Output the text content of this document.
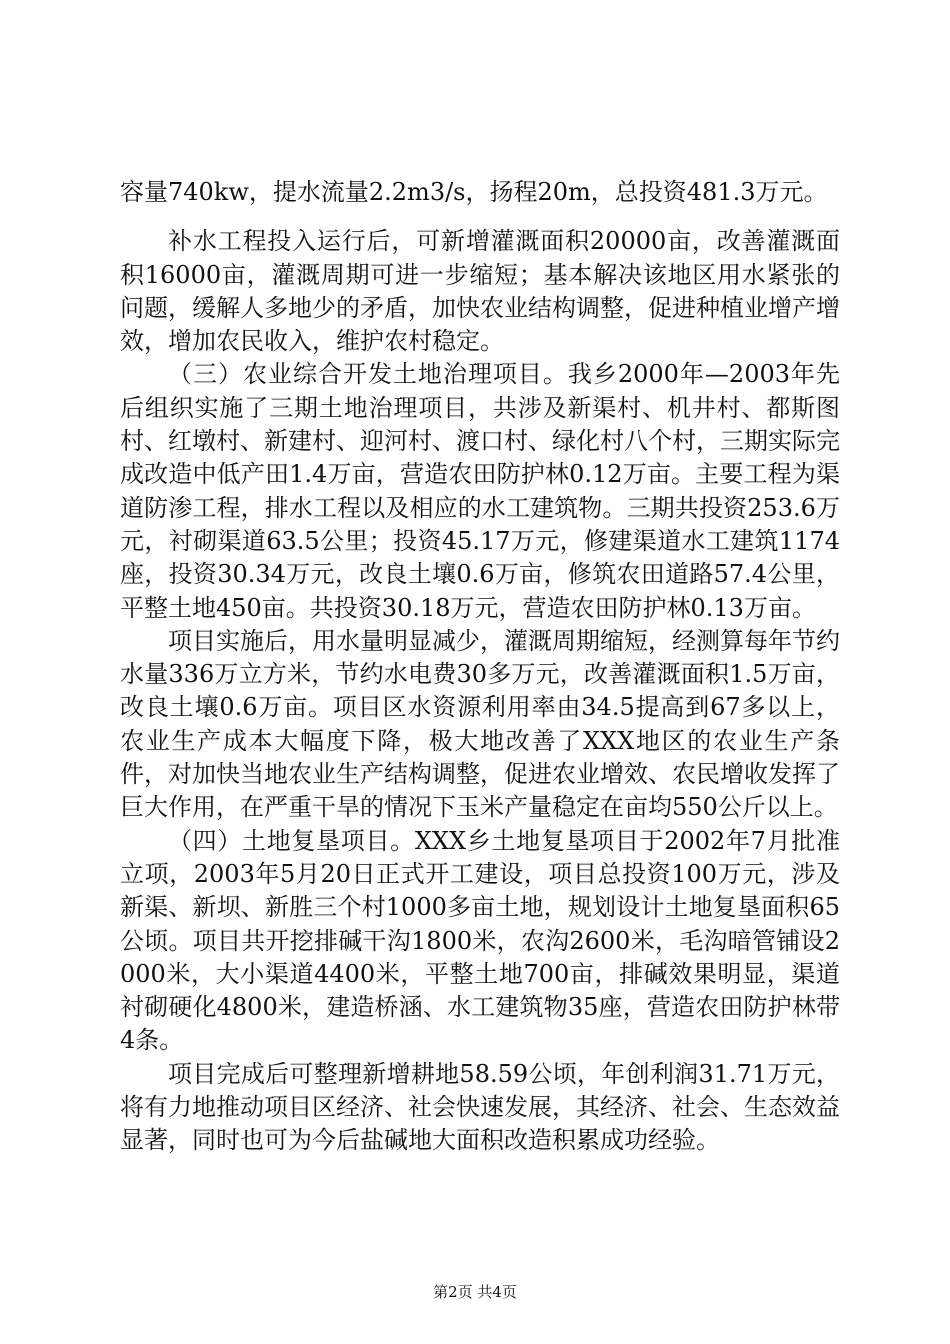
容量740kw，提水流量2.2m3/s，扬程20m，总投资481.3万元。

补水工程投入运行后，可新增灌溉面积20000亩，改善灌溉面积16000亩，灌溉周期可进一步缩短；基本解决该地区用水紧张的问题，缓解人多地少的矛盾，加快农业结构调整，促进种植业增产增效，增加农民收入，维护农村稳定。

（三）农业综合开发土地治理项目。我乡2000年—2003年先后组织实施了三期土地治理项目，共涉及新渠村、机井村、都斯图村、红墩村、新建村、迎河村、渡口村、绿化村八个村，三期实际完成改造中低产田1.4万亩，营造农田防护林0.12万亩。主要工程为渠道防渗工程，排水工程以及相应的水工建筑物。三期共投资253.6万元，衬砌渠道63.5公里；投资45.17万元，修建渠道水工建筑1174座，投资30.34万元，改良土壤0.6万亩，修筑农田道路57.4公里，平整土地450亩。共投资30.18万元，营造农田防护林0.13万亩。

项目实施后，用水量明显减少，灌溉周期缩短，经测算每年节约水量336万立方米，节约水电费30多万元，改善灌溉面积1.5万亩，改良土壤0.6万亩。项目区水资源利用率由34.5提高到67多以上，农业生产成本大幅度下降，极大地改善了XXX地区的农业生产条件，对加快当地农业生产结构调整，促进农业增效、农民增收发挥了巨大作用，在严重干旱的情况下玉米产量稳定在亩均550公斤以上。

（四）土地复垦项目。XXX乡土地复垦项目于2002年7月批准立项，2003年5月20日正式开工建设，项目总投资100万元，涉及新渠、新坝、新胜三个村1000多亩土地，规划设计土地复垦面积65公顷。项目共开挖排碱干沟1800米，农沟2600米，毛沟暗管铺设2000米，大小渠道4400米，平整土地700亩，排碱效果明显，渠道衬砌硬化4800米，建造桥涵、水工建筑物35座，营造农田防护林带4条。

项目完成后可整理新增耕地58.59公顷，年创利润31.71万元，将有力地推动项目区经济、社会快速发展，其经济、社会、生态效益显著，同时也可为今后盐碱地大面积改造积累成功经验。

第2页 共4页
